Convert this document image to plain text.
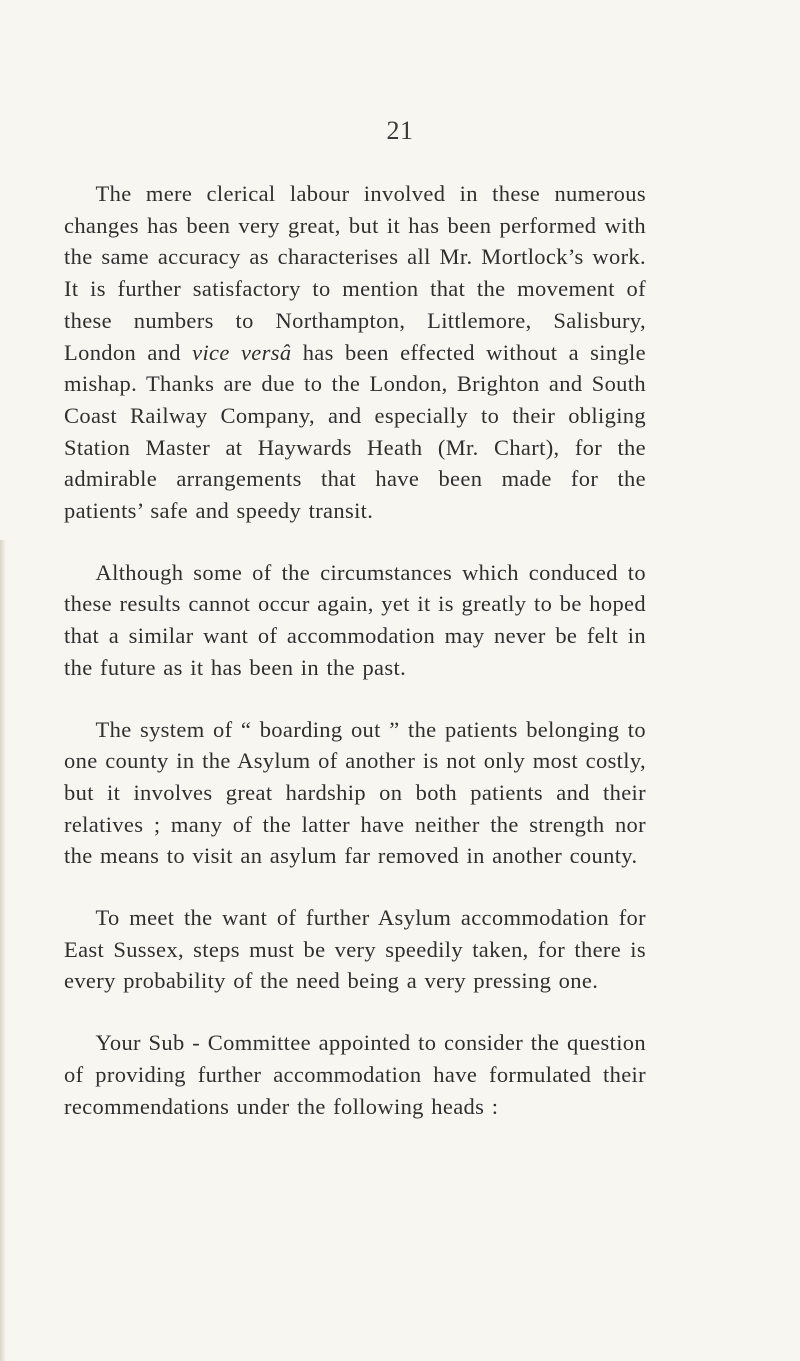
21

The mere clerical labour involved in these numerous changes has been very great, but it has been performed with the same accuracy as characterises all Mr. Mortlock’s work. It is further satisfactory to mention that the movement of these numbers to Northampton, Littlemore, Salisbury, London and vice versâ has been effected without a single mishap. Thanks are due to the London, Brighton and South Coast Railway Company, and especially to their obliging Station Master at Haywards Heath (Mr. Chart), for the admirable arrangements that have been made for the patients’ safe and speedy transit.

Although some of the circumstances which conduced to these results cannot occur again, yet it is greatly to be hoped that a similar want of accommodation may never be felt in the future as it has been in the past.

The system of “ boarding out ” the patients belonging to one county in the Asylum of another is not only most costly, but it involves great hardship on both patients and their relatives ; many of the latter have neither the strength nor the means to visit an asylum far removed in another county.

To meet the want of further Asylum accommodation for East Sussex, steps must be very speedily taken, for there is every probability of the need being a very pressing one.

Your Sub - Committee appointed to consider the question of providing further accommodation have formulated their recommendations under the following heads :
